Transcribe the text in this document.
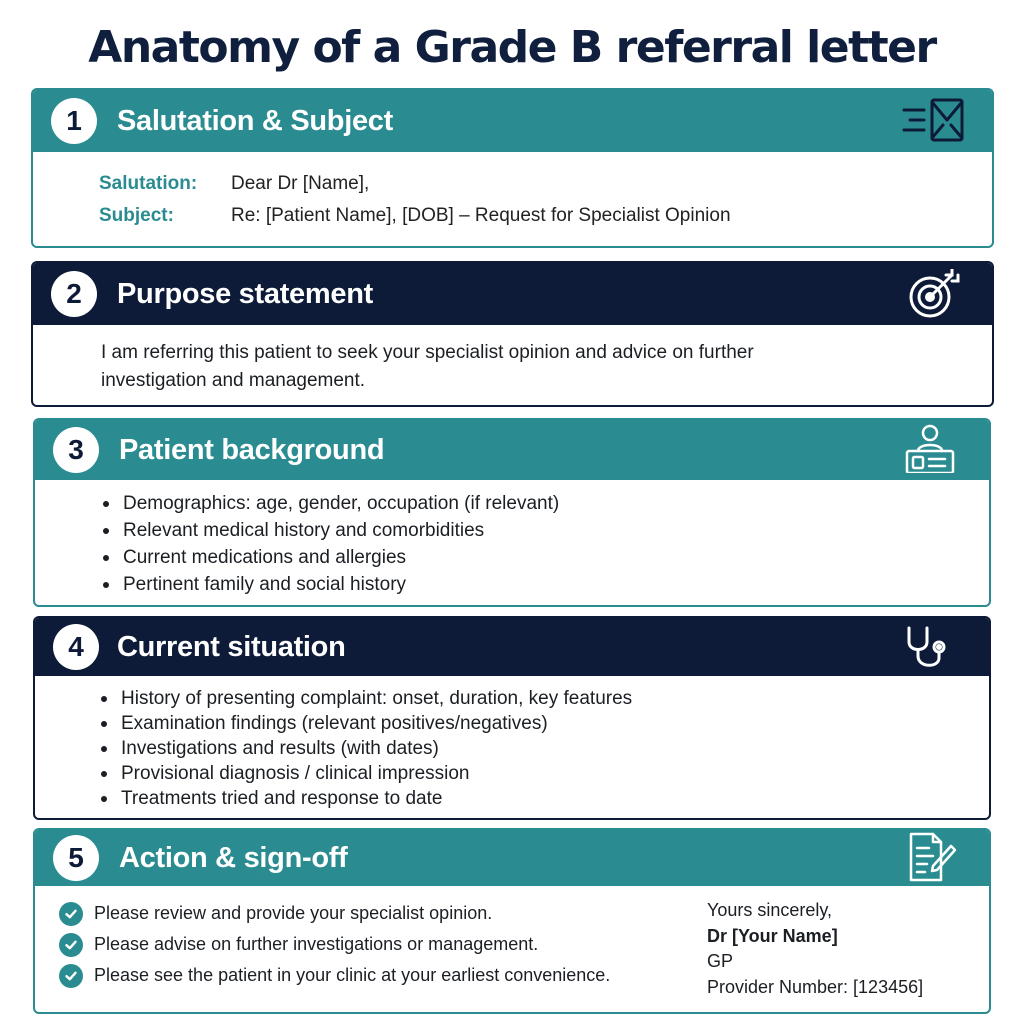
Anatomy of a Grade B referral letter
1	Salutation & Subject
Salutation:	Dear Dr [Name],
Subject:	Re: [Patient Name], [DOB] – Request for Specialist Opinion
2	Purpose statement
I am referring this patient to seek your specialist opinion and advice on further
investigation and management.
3	Patient background
Demographics: age, gender, occupation (if relevant)
Relevant medical history and comorbidities
Current medications and allergies
Pertinent family and social history
4	Current situation
History of presenting complaint: onset, duration, key features
Examination findings (relevant positives/negatives)
Investigations and results (with dates)
Provisional diagnosis / clinical impression
Treatments tried and response to date
5	Action & sign-off
Please review and provide your specialist opinion.
Please advise on further investigations or management.
Please see the patient in your clinic at your earliest convenience.
Yours sincerely,
Dr [Your Name]
GP
Provider Number: [123456]
